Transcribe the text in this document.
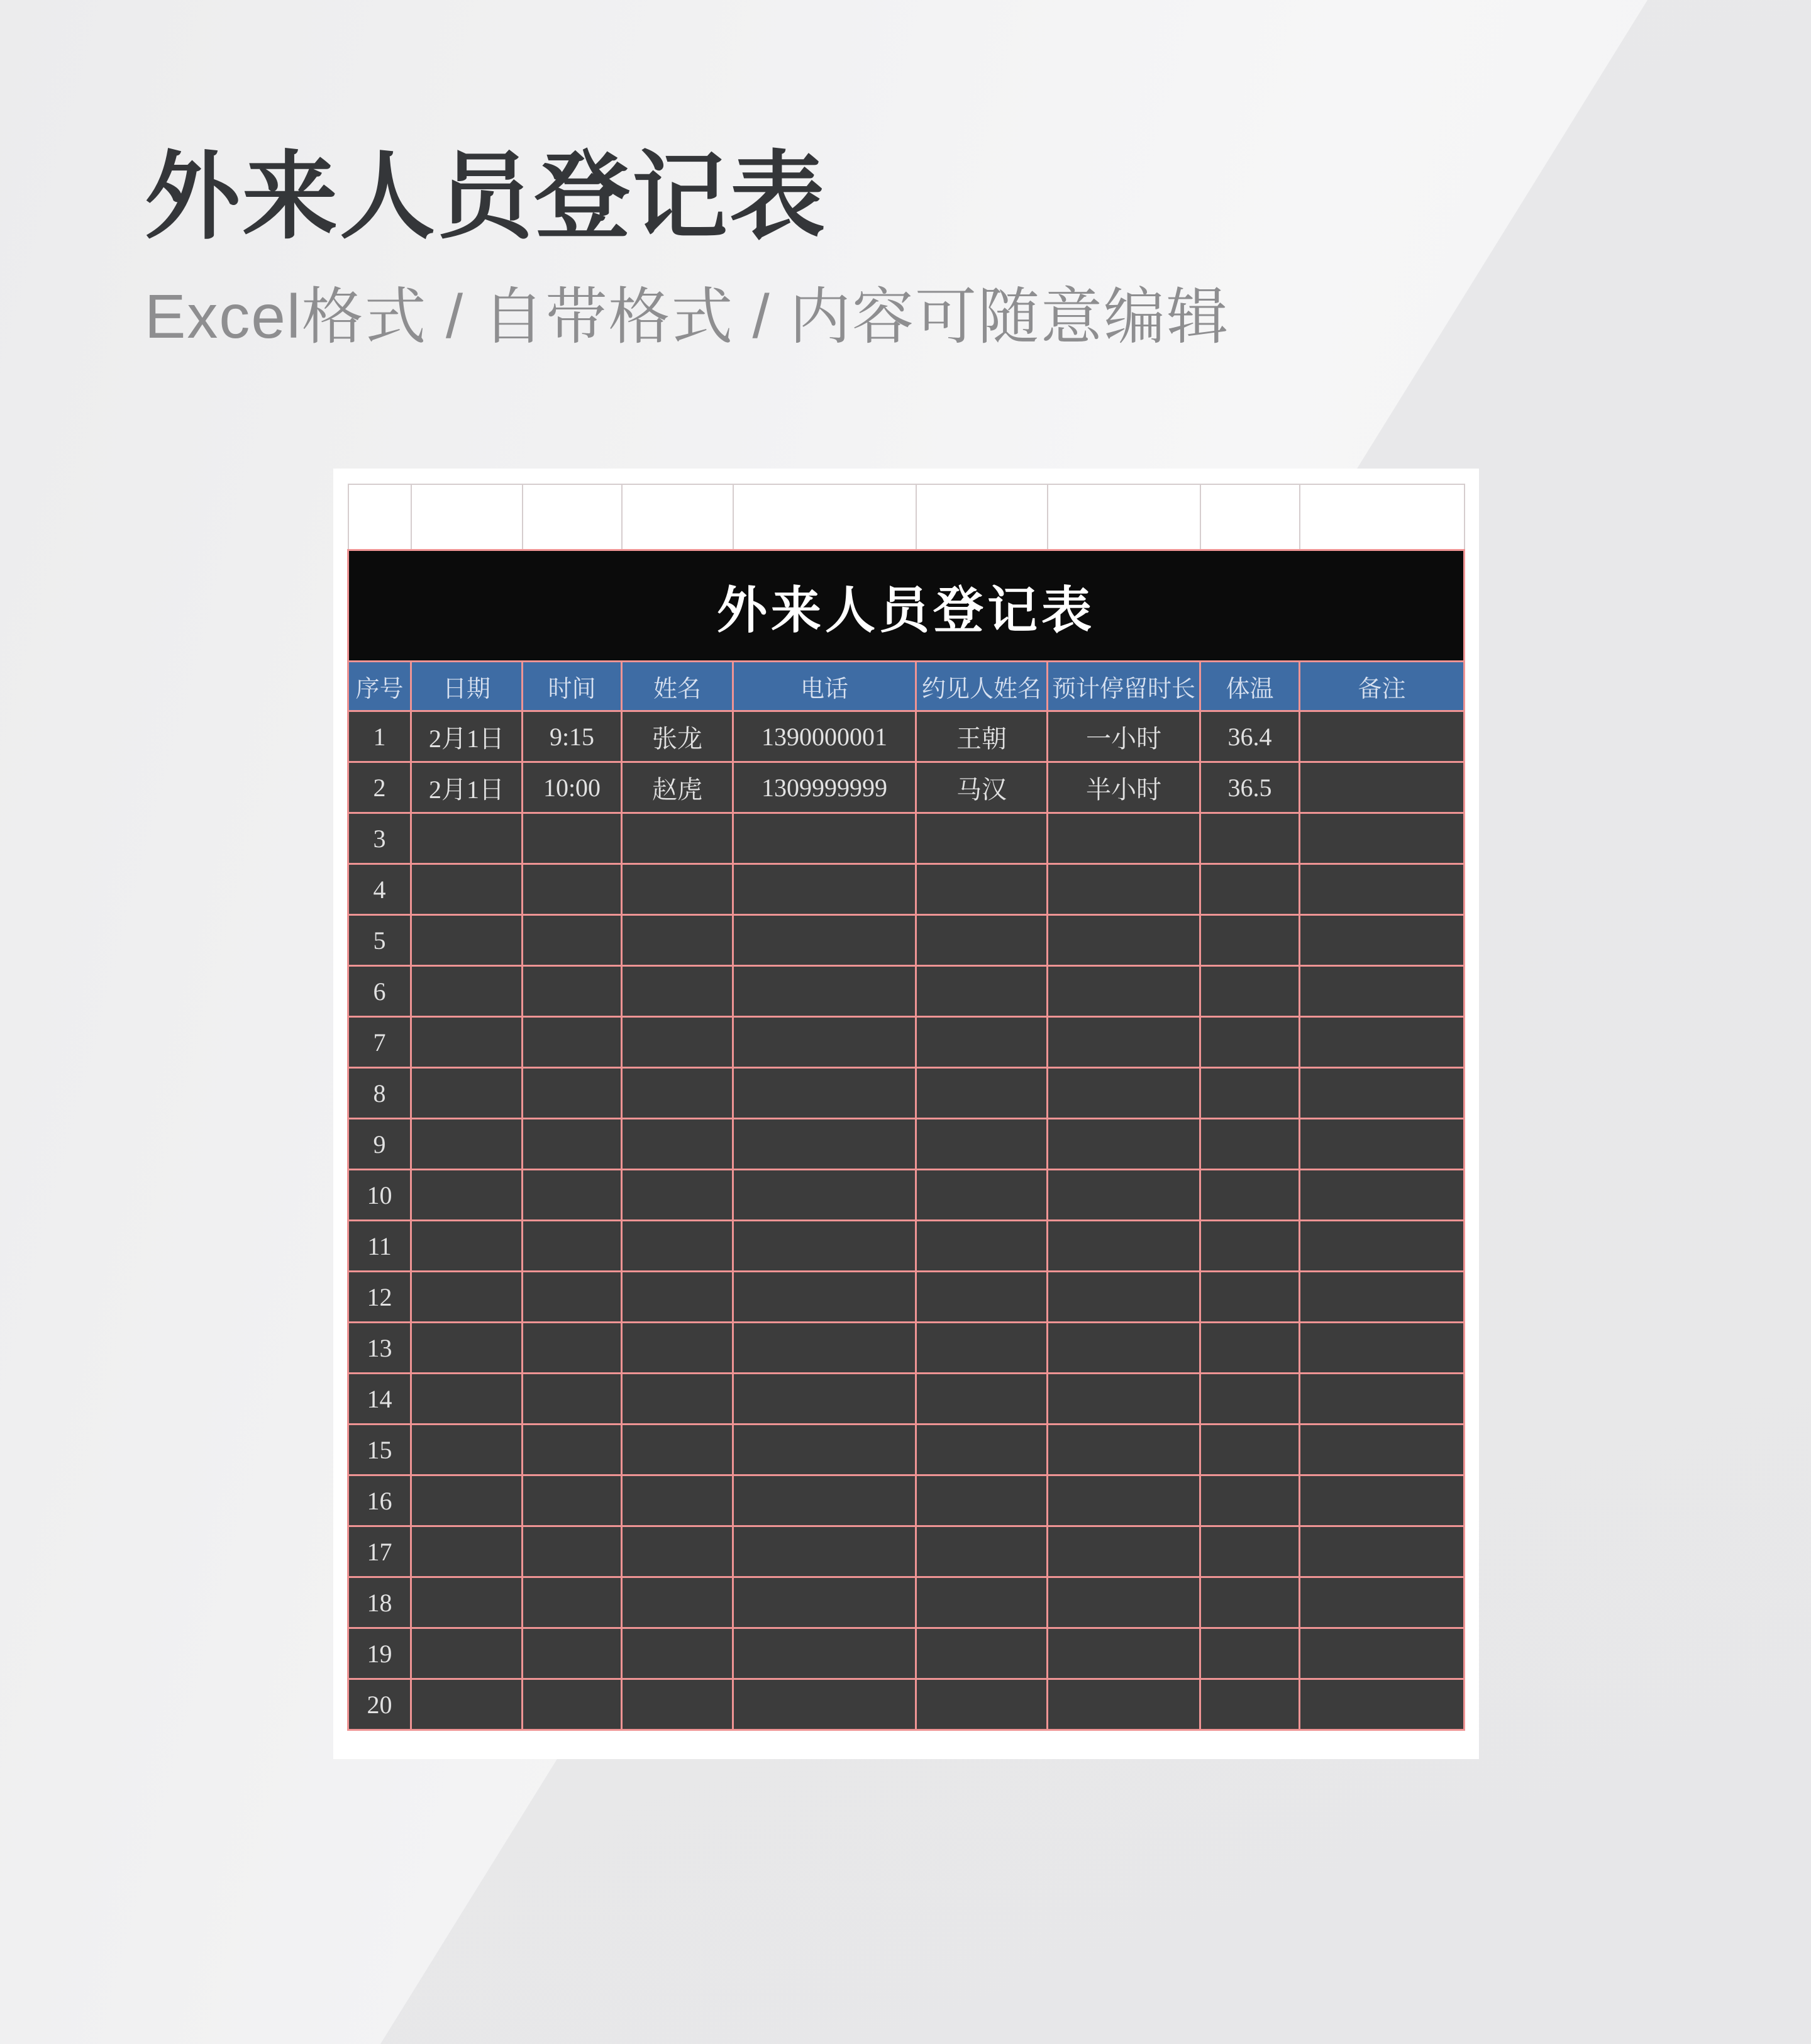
外来人员登记表

Excel格式 / 自带格式 / 内容可随意编辑

外来人员登记表								
序号	日期	时间	姓名	电话	约见人姓名	预计停留时长	体温	备注
1	2月1日	9:15	张龙	1390000001	王朝	一小时	36.4	
2	2月1日	10:00	赵虎	1309999999	马汉	半小时	36.5	
3								
4								
5								
6								
7								
8								
9								
10								
11								
12								
13								
14								
15								
16								
17								
18								
19								
20								
